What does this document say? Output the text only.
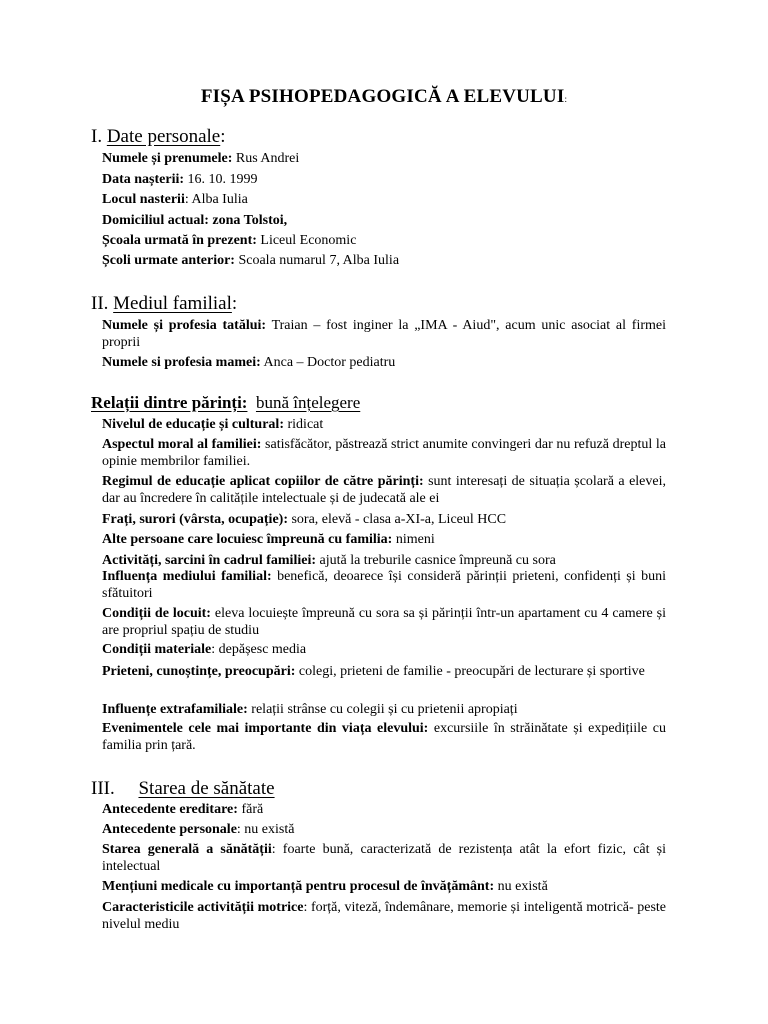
FIȘA PSIHOPEDAGOGICĂ A ELEVULUI:
I. Date personale:
Numele și prenumele: Rus Andrei
Data nașterii: 16. 10. 1999
Locul nasterii: Alba Iulia
Domiciliul actual: zona Tolstoi,
Școala urmată în prezent: Liceul Economic
Școli urmate anterior: Scoala numarul 7, Alba Iulia
II. Mediul familial:
Numele și profesia tatălui: Traian – fost inginer la „IMA - Aiud", acum unic asociat al firmei proprii
Numele si profesia mamei: Anca – Doctor pediatru
Relații dintre părinți: bună înțelegere
Nivelul de educație și cultural: ridicat
Aspectul moral al familiei: satisfăcător, păstrează strict anumite convingeri dar nu refuză dreptul la opinie membrilor familiei.
Regimul de educație aplicat copiilor de către părinți: sunt interesați de situația școlară a elevei, dar au încredere în calitățile intelectuale și de judecată ale ei
Frați, surori (vârsta, ocupație): sora, elevă - clasa a-XI-a, Liceul HCC
Alte persoane care locuiesc împreună cu familia: nimeni
Activități, sarcini în cadrul familiei: ajută la treburile casnice împreună cu sora
Influența mediului familial: benefică, deoarece își consideră părinții prieteni, confidenți și buni sfătuitori
Condiții de locuit: eleva locuiește împreună cu sora sa și părinții într-un apartament cu 4 camere și are propriul spațiu de studiu
Condiții materiale: depășesc media
Prieteni, cunoștințe, preocupări: colegi, prieteni de familie - preocupări de lecturare și sportive
Influențe extrafamiliale: relații strânse cu colegii și cu prietenii apropiați
Evenimentele cele mai importante din viața elevului: excursiile în străinătate și expedițiile cu familia prin țară.
III. Starea de sănătate
Antecedente ereditare: fără
Antecedente personale: nu există
Starea generală a sănătății: foarte bună, caracterizată de rezistența atât la efort fizic, cât și intelectual
Mențiuni medicale cu importanță pentru procesul de învățământ: nu există
Caracteristicile activității motrice: forță, viteză, îndemânare, memorie și inteligentă motrică- peste nivelul mediu
